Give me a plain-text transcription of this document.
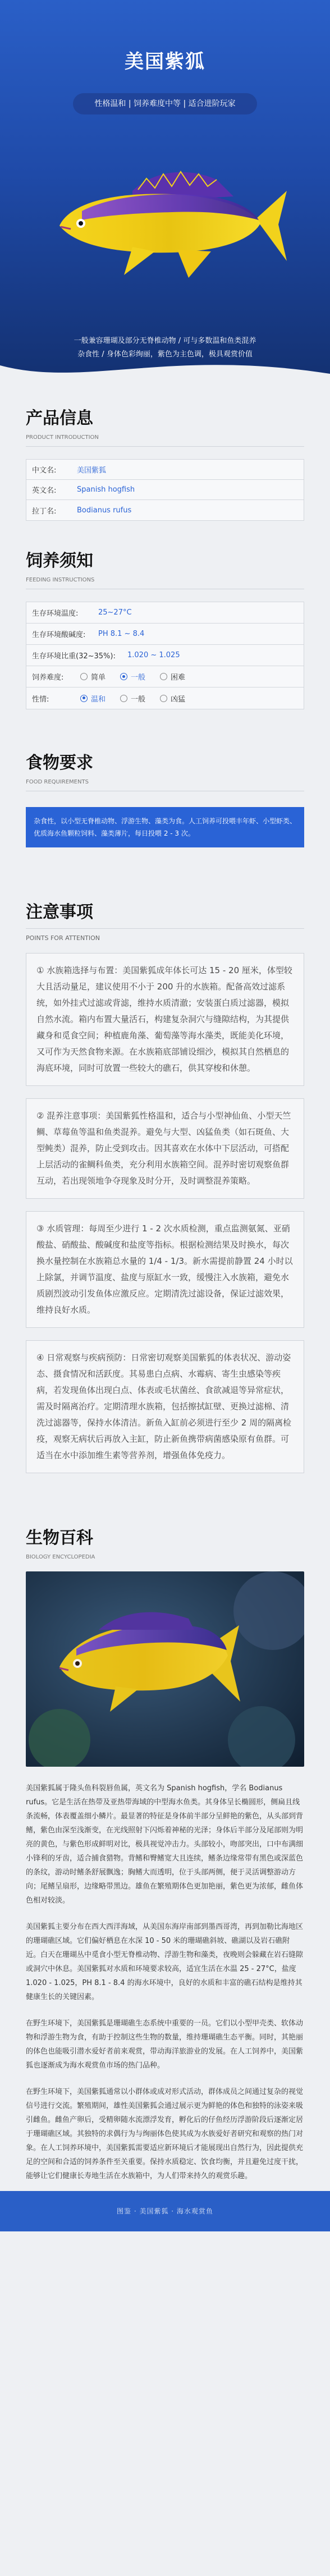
美国紫狐
性格温和 | 饲养难度中等 | 适合进阶玩家
一般兼容珊瑚及部分无脊椎动物 / 可与多数温和鱼类混养
杂食性 / 身体色彩绚丽，紫色为主色调，极具观赏价值
产品信息
PRODUCT INTRODUCTION
中文名:	美国紫狐
英文名:	Spanish hogfish
拉丁名:	Bodianus rufus
饲养须知
FEEDING INSTRUCTIONS
生存环境温度:	25~27°C
生存环境酸碱度:	PH 8.1 ~ 8.4
生存环境比重(32~35%):	1.020 ~ 1.025
饲养难度:	简单	一般	困难
性情:	温和	一般	凶猛
食物要求
FOOD REQUIREMENTS
杂食性，以小型无脊椎动物、浮游生物、藻类为食。人工饲养可投喂丰年虾、小型虾类、优质海水鱼颗粒饲料、藻类薄片，每日投喂 2 - 3 次。
注意事项
POINTS FOR ATTENTION
① 水族箱选择与布置：美国紫狐成年体长可达 15 - 20 厘米，体型较大且活动量足，建议使用不小于 200 升的水族箱。配备高效过滤系统，如外挂式过滤或背滤，维持水质清澈；安装蛋白质过滤器，模拟自然水流。箱内布置大量活石，构建复杂洞穴与缝隙结构，为其提供藏身和觅食空间；种植鹿角藻、葡萄藻等海水藻类，既能美化环境，又可作为天然食物来源。在水族箱底部铺设细沙，模拟其自然栖息的海底环境，同时可放置一些较大的礁石，供其穿梭和休憩。
② 混养注意事项：美国紫狐性格温和，适合与小型神仙鱼、小型天竺鲷、草莓鱼等温和鱼类混养。避免与大型、凶猛鱼类（如石斑鱼、大型鲀类）混养，防止受到攻击。因其喜欢在水体中下层活动，可搭配上层活动的雀鲷科鱼类，充分利用水族箱空间。混养时密切观察鱼群互动，若出现领地争夺现象及时分开，及时调整混养策略。
③ 水质管理：每周至少进行 1 - 2 次水质检测，重点监测氨氮、亚硝酸盐、硝酸盐、酸碱度和盐度等指标。根据检测结果及时换水，每次换水量控制在水族箱总水量的 1/4 - 1/3。新水需提前静置 24 小时以上除氯，并调节温度、盐度与原缸水一致，缓慢注入水族箱，避免水质剧烈波动引发鱼体应激反应。定期清洗过滤设备，保证过滤效果，维持良好水质。
④ 日常观察与疾病预防：日常密切观察美国紫狐的体表状况、游动姿态、摄食情况和活跃度。其易患白点病、水霉病、寄生虫感染等疾病，若发现鱼体出现白点、体表或毛状菌丝、食欲减退等异常症状，需及时隔离治疗。定期清理水族箱，包括擦拭缸壁、更换过滤棉、清洗过滤器等，保持水体清洁。新鱼入缸前必须进行至少 2 周的隔离检疫，观察无病状后再放入主缸，防止新鱼携带病菌感染原有鱼群。可适当在水中添加维生素等营养剂，增强鱼体免疫力。
生物百科
BIOLOGY ENCYCLOPEDIA

美国紫狐属于隆头鱼科裂唇鱼属，英文名为 Spanish hogfish，学名 Bodianus rufus。它是生活在热带及亚热带海域的中型海水鱼类。其身体呈长椭圆形，侧扁且线条流畅，体表覆盖细小鳞片。最显著的特征是身体前半部分呈鲜艳的紫色，从头部到背鳍，紫色由深至浅渐变，在光线照射下闪烁着神秘的光泽；身体后半部分及尾部则为明亮的黄色，与紫色形成鲜明对比，极具视觉冲击力。头部较小，吻部突出，口中布满细小锋利的牙齿，适合捕食猎物。背鳍和臀鳍宽大且连续，鳍条边缘常带有黑色或深蓝色的条纹，游动时鳍条舒展飘逸；胸鳍大而透明，位于头部两侧，便于灵活调整游动方向；尾鳍呈扇形，边缘略带黑边。雄鱼在繁殖期体色更加艳丽，紫色更为浓郁，雌鱼体色相对较淡。

美国紫狐主要分布在西大西洋海域，从美国东海岸南部到墨西哥湾，再到加勒比海地区的珊瑚礁区域。它们偏好栖息在水深 10 - 50 米的珊瑚礁斜坡、礁湖以及岩石礁附近。白天在珊瑚丛中觅食小型无脊椎动物、浮游生物和藻类，夜晚则会躲藏在岩石缝隙或洞穴中休息。美国紫狐对水质和环境要求较高，适宜生活在水温 25 - 27°C，盐度 1.020 - 1.025，PH 8.1 - 8.4 的海水环境中，良好的水质和丰富的礁石结构是维持其健康生长的关键因素。

在野生环境下，美国紫狐是珊瑚礁生态系统中重要的一员。它们以小型甲壳类、软体动物和浮游生物为食，有助于控制这些生物的数量，维持珊瑚礁生态平衡。同时，其艳丽的体色也能吸引潜水爱好者前来观赏，带动海洋旅游业的发展。在人工饲养中，美国紫狐也逐渐成为海水观赏鱼市场的热门品种。

在野生环境下，美国紫狐通常以小群体或成对形式活动，群体成员之间通过复杂的视觉信号进行交流。繁殖期间，雄性美国紫狐会通过展示更为鲜艳的体色和独特的泳姿来吸引雌鱼。雌鱼产卵后，受精卵随水流漂浮发育，孵化后的仔鱼经历浮游阶段后逐渐定居于珊瑚礁区域。其独特的求偶行为与绚丽体色使其成为水族爱好者研究和观察的热门对象。在人工饲养环境中，美国紫狐需要适应新环境后才能展现出自然行为，因此提供充足的空间和合适的饲养条件至关重要。保持水质稳定、饮食均衡，并且避免过度干扰，能够让它们健康长寿地生活在水族箱中，为人们带来持久的观赏乐趣。

图鉴 · 美国紫狐 · 海水观赏鱼
